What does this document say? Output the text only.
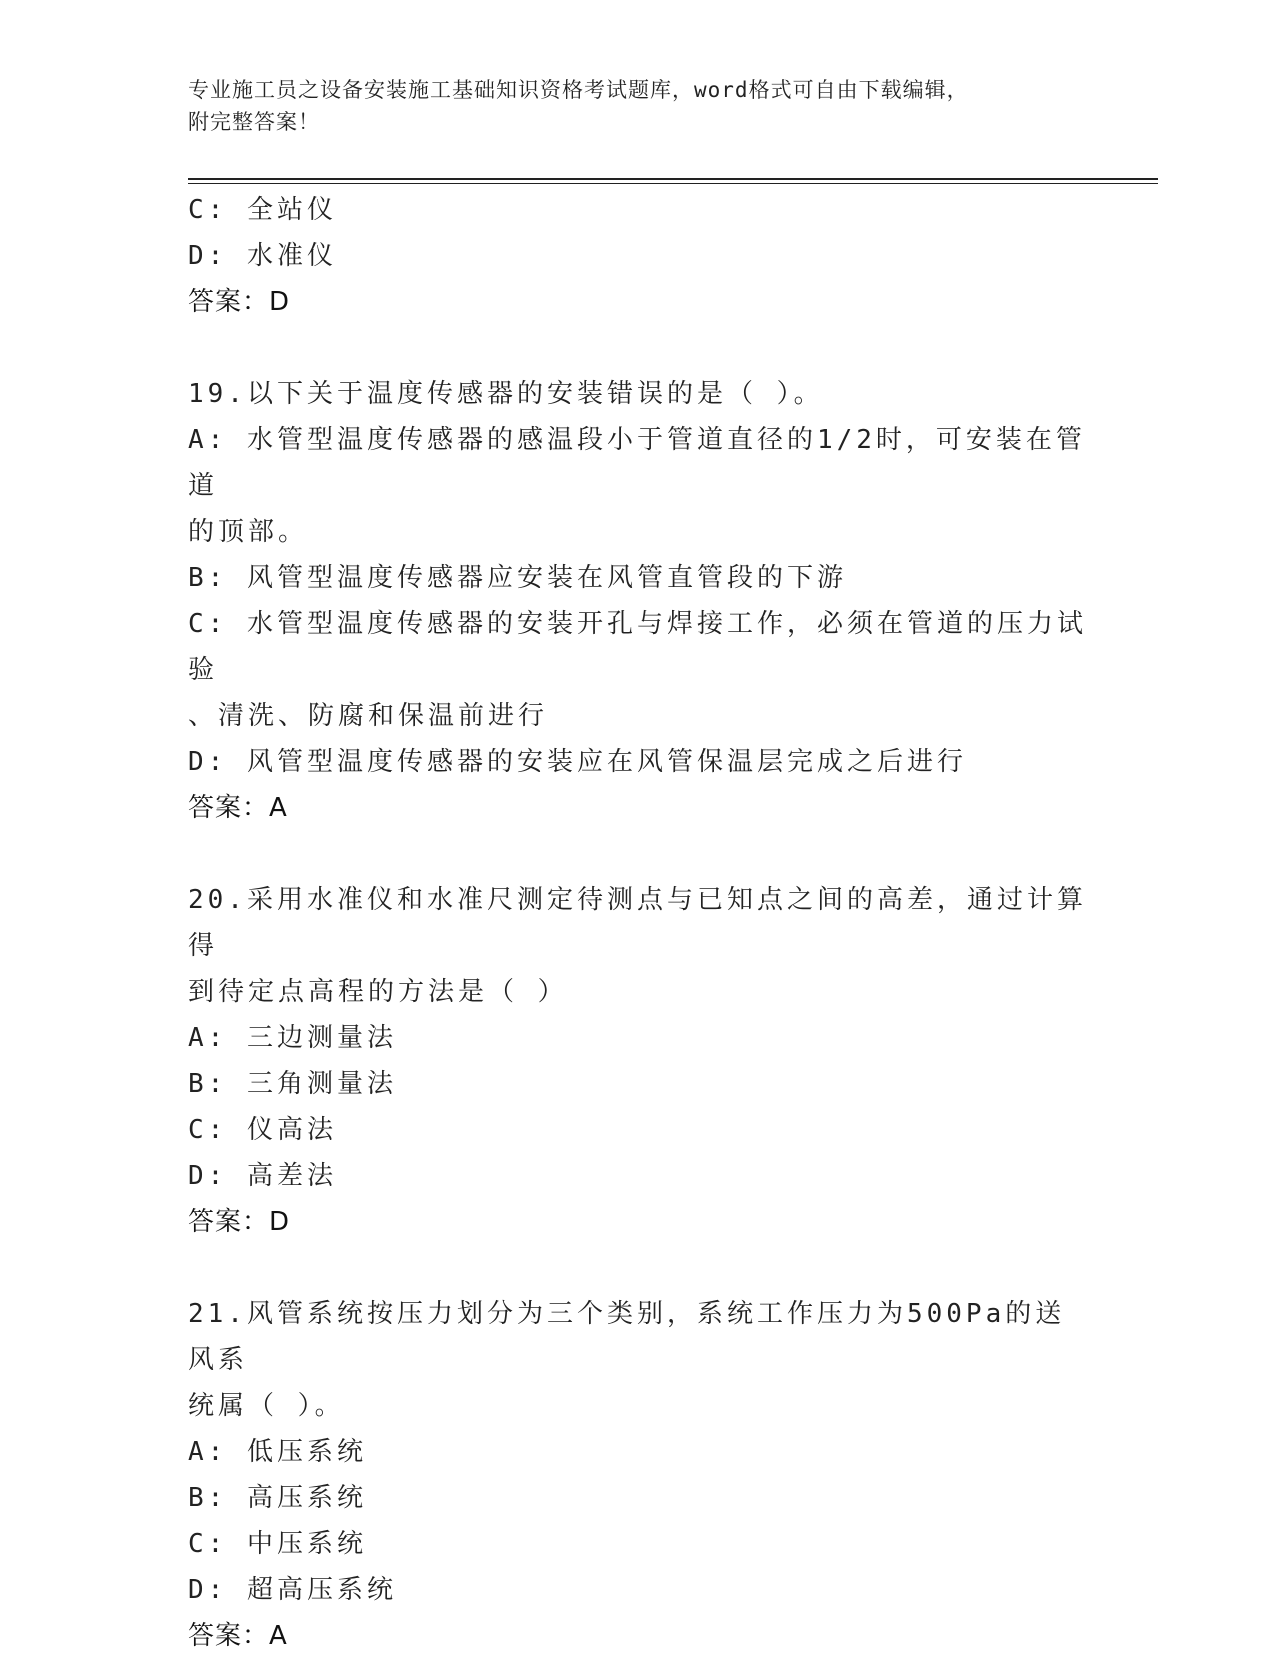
专业施工员之设备安装施工基础知识资格考试题库，word格式可自由下载编辑，
附完整答案！
C: 全站仪
D: 水准仪
答案：D
19.以下关于温度传感器的安装错误的是（ ）。
A: 水管型温度传感器的感温段小于管道直径的1/2时，可安装在管道
的顶部。
B: 风管型温度传感器应安装在风管直管段的下游
C: 水管型温度传感器的安装开孔与焊接工作，必须在管道的压力试验
、清洗、防腐和保温前进行
D: 风管型温度传感器的安装应在风管保温层完成之后进行
答案：A
20.采用水准仪和水准尺测定待测点与已知点之间的高差，通过计算得
到待定点高程的方法是（ ）
A: 三边测量法
B: 三角测量法
C: 仪高法
D: 高差法
答案：D
21.风管系统按压力划分为三个类别，系统工作压力为500Pa的送风系
统属（ ）。
A: 低压系统
B: 高压系统
C: 中压系统
D: 超高压系统
答案：A
